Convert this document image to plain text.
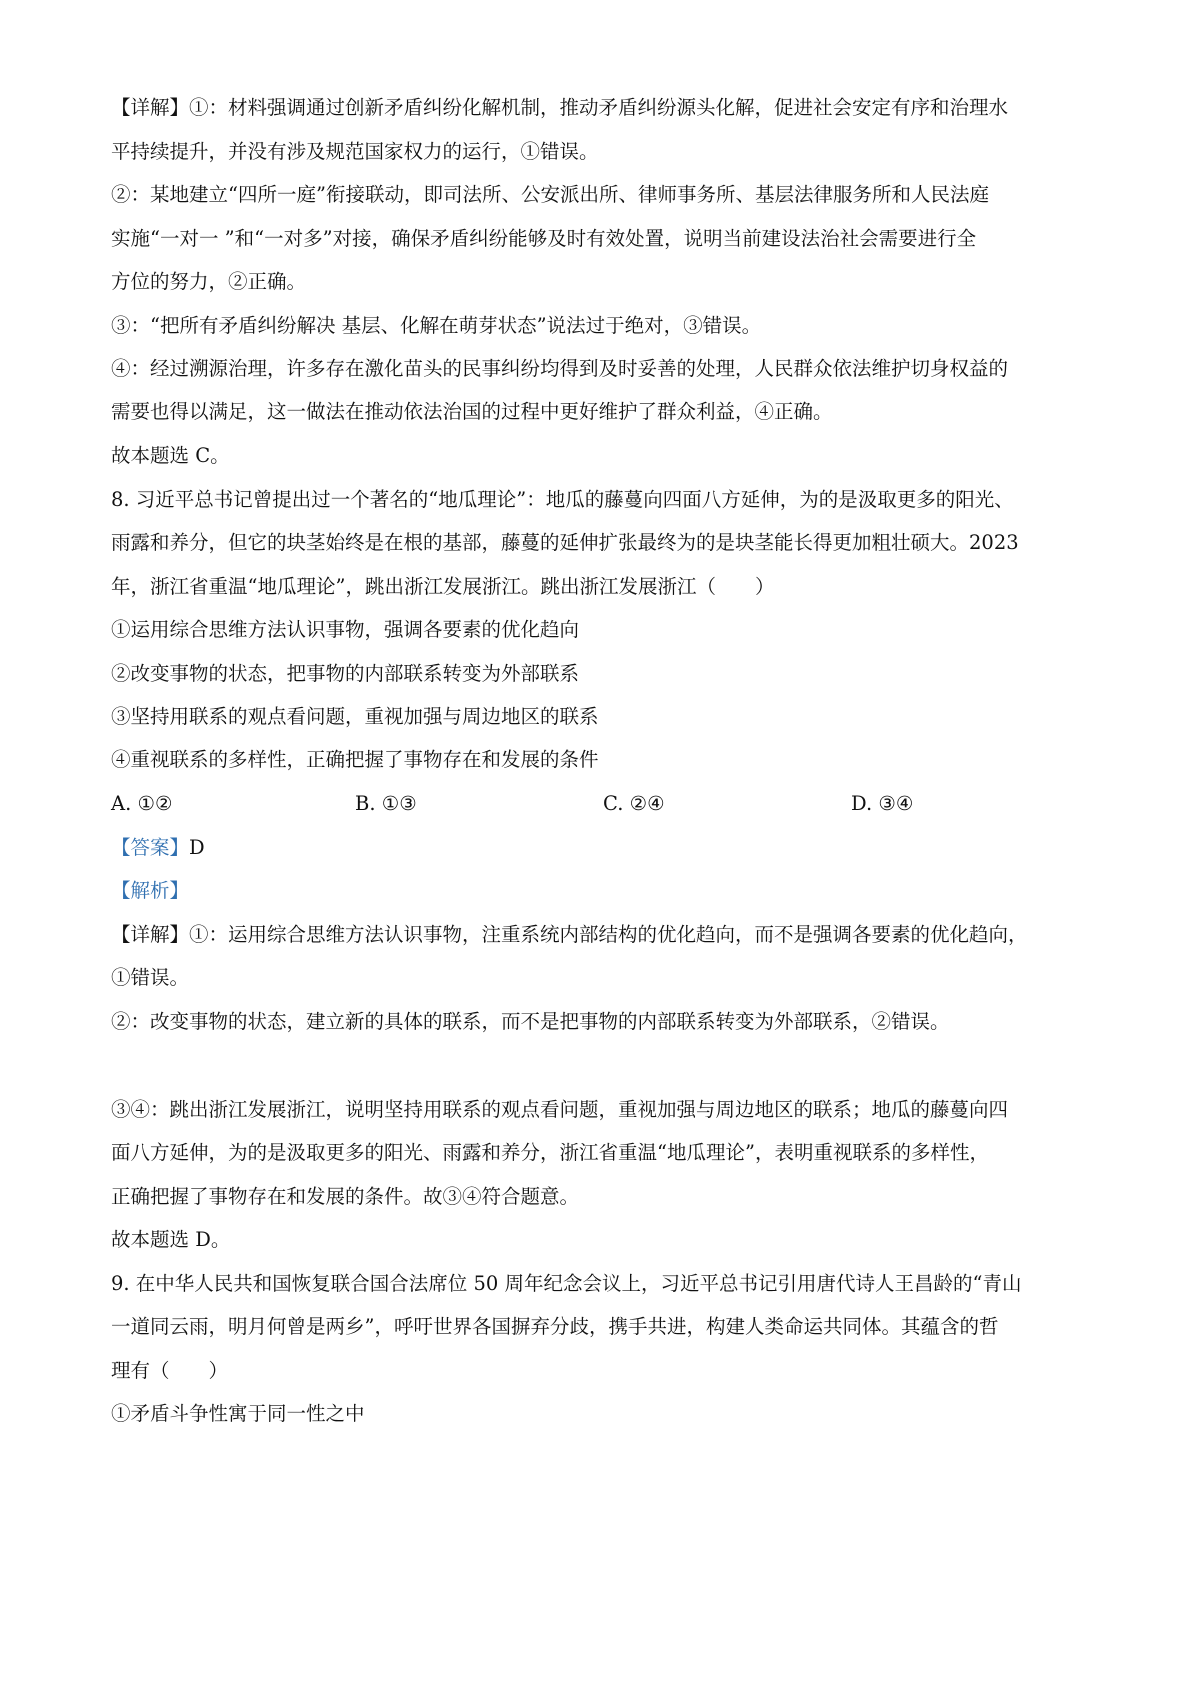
【详解】①：材料强调通过创新矛盾纠纷化解机制，推动矛盾纠纷源头化解，促进社会安定有序和治理水
平持续提升，并没有涉及规范国家权力的运行，①错误。
②：某地建立“四所一庭”衔接联动，即司法所、公安派出所、律师事务所、基层法律服务所和人民法庭
实施“一对一 ”和“一对多”对接，确保矛盾纠纷能够及时有效处置，说明当前建设法治社会需要进行全
方位的努力，②正确。
③：“把所有矛盾纠纷解决 基层、化解在萌芽状态”说法过于绝对，③错误。
④：经过溯源治理，许多存在激化苗头的民事纠纷均得到及时妥善的处理，人民群众依法维护切身权益的
需要也得以满足，这一做法在推动依法治国的过程中更好维护了群众利益，④正确。
故本题选 C。
8. 习近平总书记曾提出过一个著名的“地瓜理论”：地瓜的藤蔓向四面八方延伸，为的是汲取更多的阳光、
雨露和养分，但它的块茎始终是在根的基部，藤蔓的延伸扩张最终为的是块茎能长得更加粗壮硕大。2023
年，浙江省重温“地瓜理论”，跳出浙江发展浙江。跳出浙江发展浙江（　　）
①运用综合思维方法认识事物，强调各要素的优化趋向
②改变事物的状态，把事物的内部联系转变为外部联系
③坚持用联系的观点看问题，重视加强与周边地区的联系
④重视联系的多样性，正确把握了事物存在和发展的条件
A. ①②	B. ①③	C. ②④	D. ③④
【答案】D
【解析】
【详解】①：运用综合思维方法认识事物，注重系统内部结构的优化趋向，而不是强调各要素的优化趋向，
①错误。
②：改变事物的状态，建立新的具体的联系，而不是把事物的内部联系转变为外部联系，②错误。
③④：跳出浙江发展浙江，说明坚持用联系的观点看问题，重视加强与周边地区的联系；地瓜的藤蔓向四
面八方延伸，为的是汲取更多的阳光、雨露和养分，浙江省重温“地瓜理论”，表明重视联系的多样性，
正确把握了事物存在和发展的条件。故③④符合题意。
故本题选 D。
9. 在中华人民共和国恢复联合国合法席位 50 周年纪念会议上，习近平总书记引用唐代诗人王昌龄的“青山
一道同云雨，明月何曾是两乡”，呼吁世界各国摒弃分歧，携手共进，构建人类命运共同体。其蕴含的哲
理有（　　）
①矛盾斗争性寓于同一性之中
